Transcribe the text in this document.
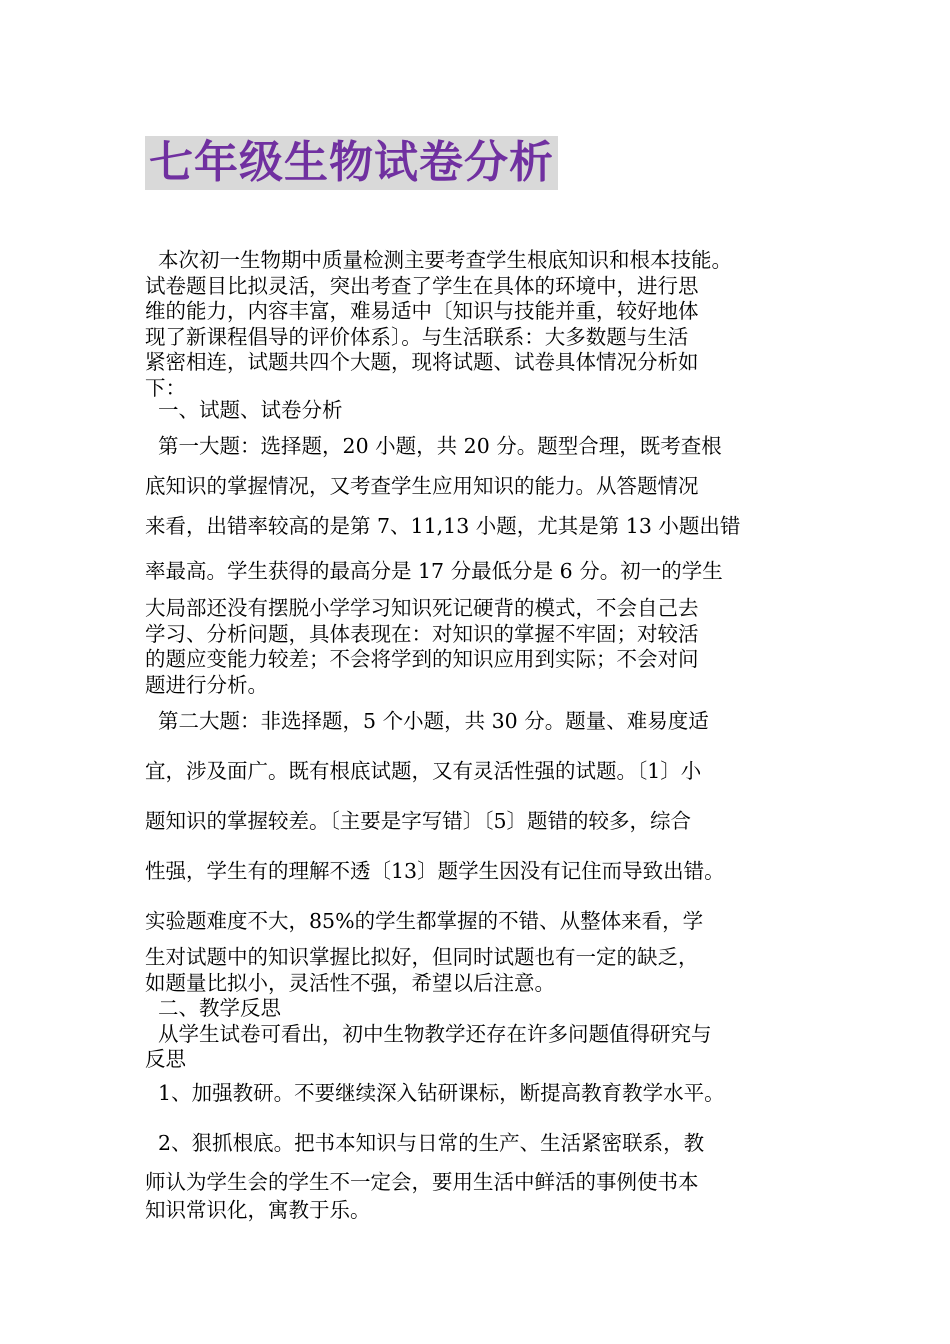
七年级生物试卷分析
本次初一生物期中质量检测主要考查学生根底知识和根本技能。
试卷题目比拟灵活，突出考查了学生在具体的环境中，进行思
维的能力，内容丰富，难易适中〔知识与技能并重，较好地体
现了新课程倡导的评价体系〕。与生活联系：大多数题与生活
紧密相连，试题共四个大题，现将试题、试卷具体情况分析如
下：
一、试题、试卷分析
第一大题：选择题，20 小题，共 20 分。题型合理，既考查根
底知识的掌握情况，又考查学生应用知识的能力。从答题情况
来看，出错率较高的是第 7、11,13 小题，尤其是第 13 小题出错
率最高。学生获得的最高分是 17 分最低分是 6 分。初一的学生
大局部还没有摆脱小学学习知识死记硬背的模式，不会自己去
学习、分析问题，具体表现在：对知识的掌握不牢固；对较活
的题应变能力较差；不会将学到的知识应用到实际；不会对问
题进行分析。
第二大题：非选择题，5 个小题，共 30 分。题量、难易度适
宜，涉及面广。既有根底试题，又有灵活性强的试题。〔1〕小
题知识的掌握较差。〔主要是字写错〕〔5〕题错的较多，综合
性强，学生有的理解不透〔13〕题学生因没有记住而导致出错。
实验题难度不大，85%的学生都掌握的不错、从整体来看，学
生对试题中的知识掌握比拟好，但同时试题也有一定的缺乏，
如题量比拟小，灵活性不强，希望以后注意。
二、教学反思
从学生试卷可看出，初中生物教学还存在许多问题值得研究与
反思
1、加强教研。不要继续深入钻研课标，断提高教育教学水平。
2、狠抓根底。把书本知识与日常的生产、生活紧密联系，教
师认为学生会的学生不一定会，要用生活中鲜活的事例使书本
知识常识化，寓教于乐。
